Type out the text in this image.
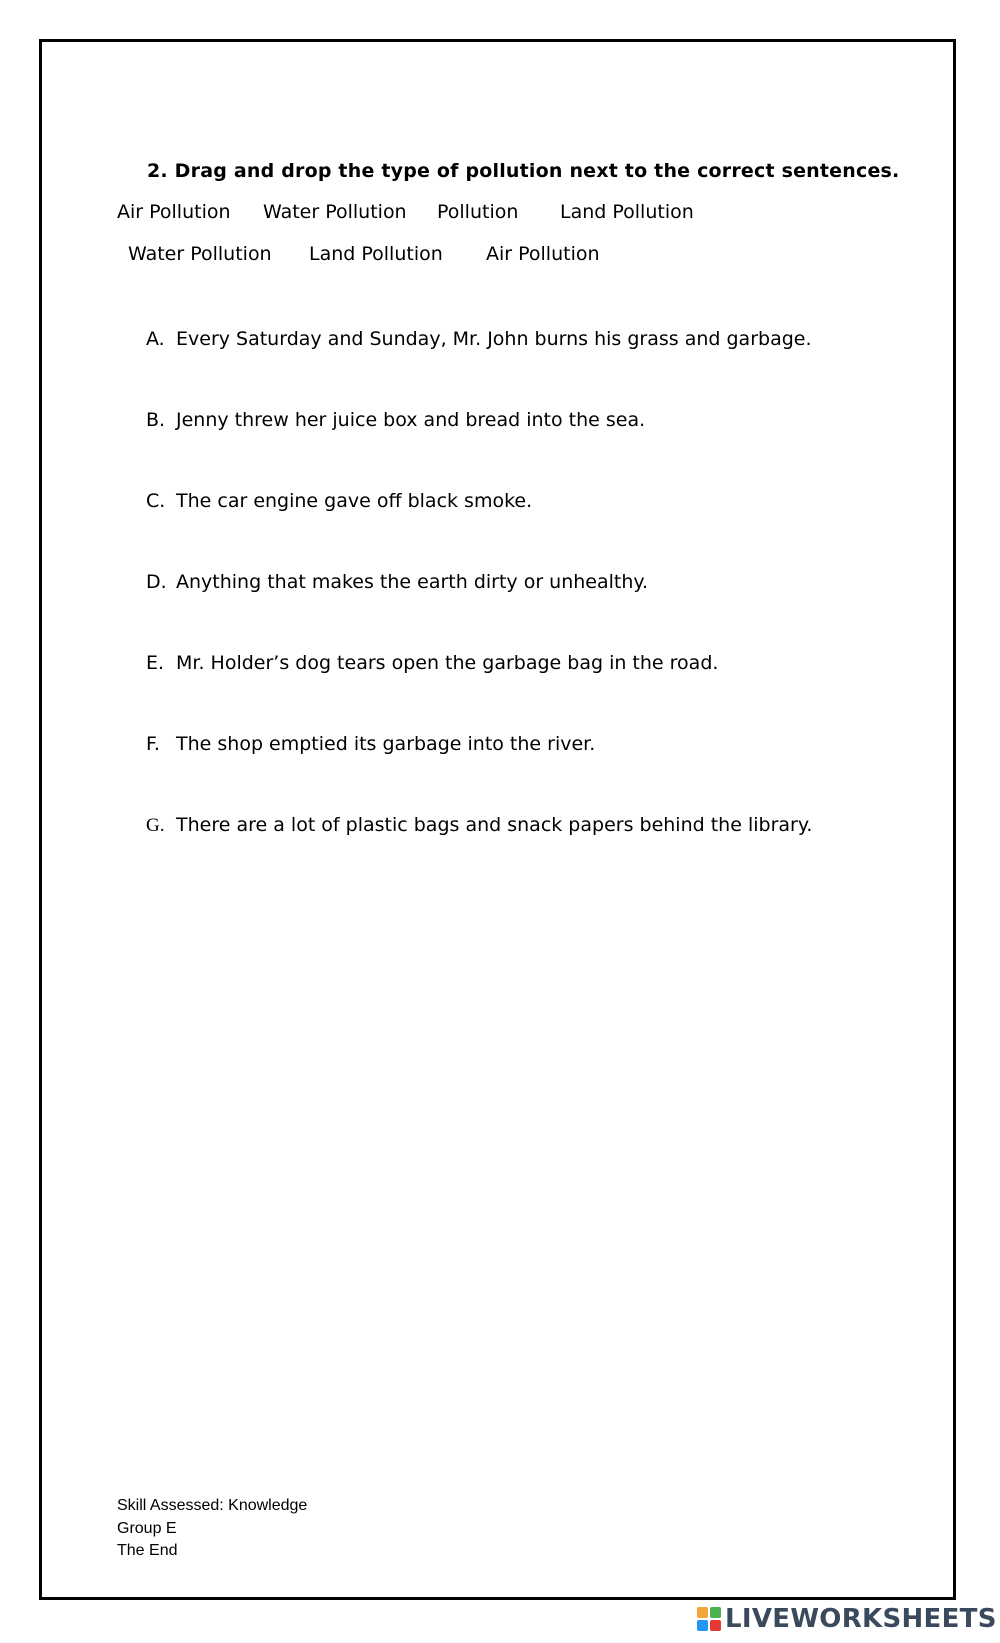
2. Drag and drop the type of pollution next to the correct sentences.
Air Pollution Water Pollution Pollution Land Pollution
Water Pollution Land Pollution Air Pollution
A. Every Saturday and Sunday, Mr. John burns his grass and garbage.
B. Jenny threw her juice box and bread into the sea.
C. The car engine gave off black smoke.
D. Anything that makes the earth dirty or unhealthy.
E. Mr. Holder’s dog tears open the garbage bag in the road.
F. The shop emptied its garbage into the river.
G. There are a lot of plastic bags and snack papers behind the library.
Skill Assessed: Knowledge
Group E
The End
LIVEWORKSHEETS
